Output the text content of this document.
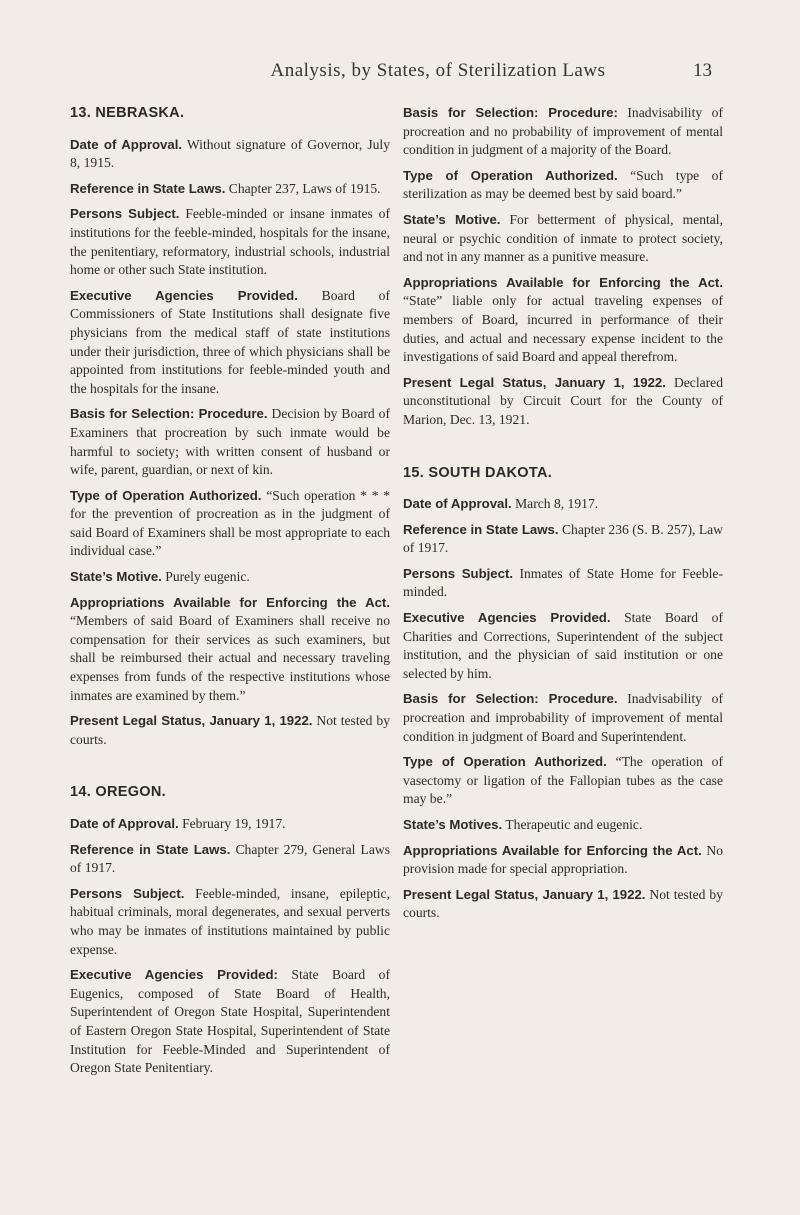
Analysis, by States, of Sterilization Laws	13
13. NEBRASKA.

Date of Approval. Without signature of Governor, July 8, 1915.

Reference in State Laws. Chapter 237, Laws of 1915.

Persons Subject. Feeble-minded or insane inmates of institutions for the feeble-minded, hospitals for the insane, the penitentiary, reformatory, industrial schools, industrial home or other such State institution.

Executive Agencies Provided. Board of Commissioners of State Institutions shall designate five physicians from the medical staff of state institutions under their jurisdiction, three of which physicians shall be appointed from institutions for feeble-minded youth and the hospitals for the insane.

Basis for Selection: Procedure. Decision by Board of Examiners that procreation by such inmate would be harmful to society; with written consent of husband or wife, parent, guardian, or next of kin.

Type of Operation Authorized. “Such operation * * * for the prevention of procreation as in the judgment of said Board of Examiners shall be most appropriate to each individual case.”

State’s Motive. Purely eugenic.

Appropriations Available for Enforcing the Act. “Members of said Board of Examiners shall receive no compensation for their services as such examiners, but shall be reimbursed their actual and necessary traveling expenses from funds of the respective institutions whose inmates are examined by them.”

Present Legal Status, January 1, 1922. Not tested by courts.

14. OREGON.

Date of Approval. February 19, 1917.

Reference in State Laws. Chapter 279, General Laws of 1917.

Persons Subject. Feeble-minded, insane, epileptic, habitual criminals, moral degenerates, and sexual perverts who may be inmates of institutions maintained by public expense.

Executive Agencies Provided: State Board of Eugenics, composed of State Board of Health, Superintendent of Oregon State Hospital, Superintendent of Eastern Oregon State Hospital, Superintendent of State Institution for Feeble-Minded and Superintendent of Oregon State Penitentiary.

Basis for Selection: Procedure: Inadvisability of procreation and no probability of improvement of mental condition in judgment of a majority of the Board.

Type of Operation Authorized. “Such type of sterilization as may be deemed best by said board.”

State’s Motive. For betterment of physical, mental, neural or psychic condition of inmate to protect society, and not in any manner as a punitive measure.

Appropriations Available for Enforcing the Act. “State” liable only for actual traveling expenses of members of Board, incurred in performance of their duties, and actual and necessary expense incident to the investigations of said Board and appeal therefrom.

Present Legal Status, January 1, 1922. Declared unconstitutional by Circuit Court for the County of Marion, Dec. 13, 1921.

15. SOUTH DAKOTA.

Date of Approval. March 8, 1917.

Reference in State Laws. Chapter 236 (S. B. 257), Law of 1917.

Persons Subject. Inmates of State Home for Feeble-minded.

Executive Agencies Provided. State Board of Charities and Corrections, Superintendent of the subject institution, and the physician of said institution or one selected by him.

Basis for Selection: Procedure. Inadvisability of procreation and improbability of improvement of mental condition in judgment of Board and Superintendent.

Type of Operation Authorized. “The operation of vasectomy or ligation of the Fallopian tubes as the case may be.”

State’s Motives. Therapeutic and eugenic.

Appropriations Available for Enforcing the Act. No provision made for special appropriation.

Present Legal Status, January 1, 1922. Not tested by courts.
